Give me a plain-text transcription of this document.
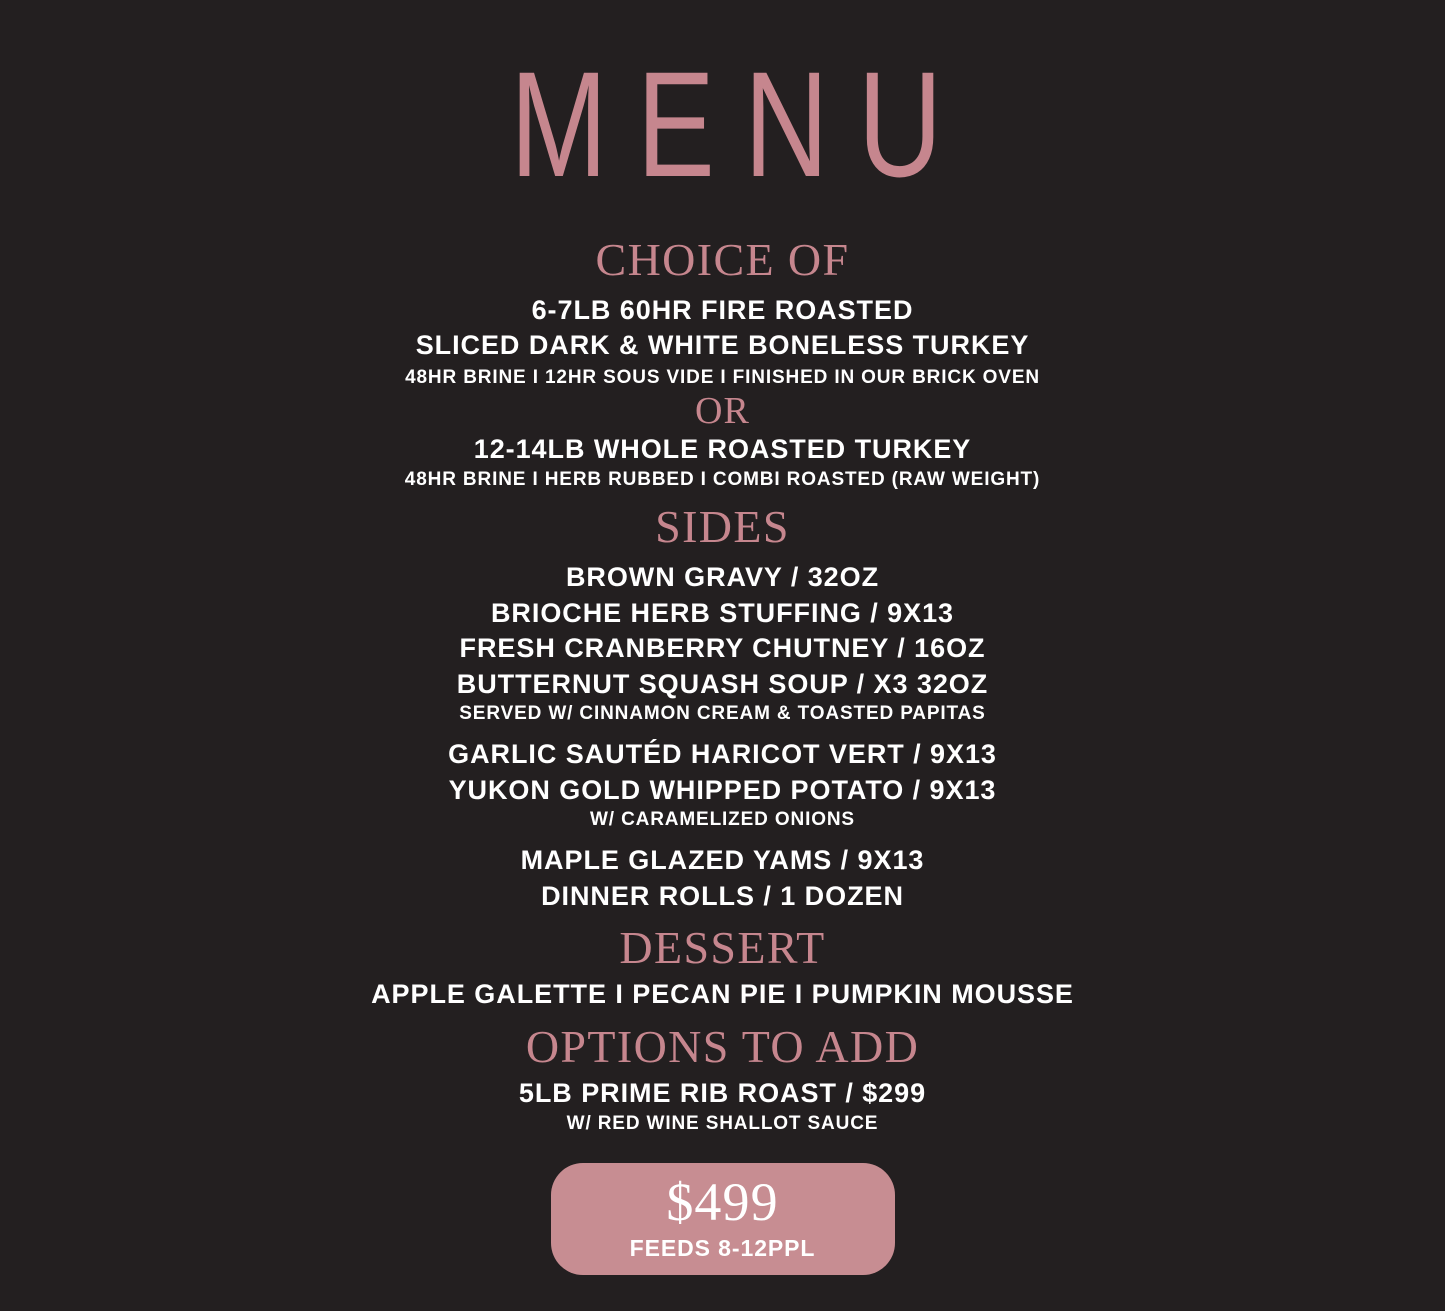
MENU
CHOICE OF
6-7LB 60HR FIRE ROASTED
SLICED DARK & WHITE BONELESS TURKEY
48HR BRINE I 12HR SOUS VIDE I FINISHED IN OUR BRICK OVEN
OR
12-14LB WHOLE ROASTED TURKEY
48HR BRINE I HERB RUBBED I COMBI ROASTED (RAW WEIGHT)
SIDES
BROWN GRAVY / 32OZ
BRIOCHE HERB STUFFING / 9X13
FRESH CRANBERRY CHUTNEY / 16OZ
BUTTERNUT SQUASH SOUP / X3 32OZ
SERVED W/ CINNAMON CREAM & TOASTED PAPITAS
GARLIC SAUTÉD HARICOT VERT / 9X13
YUKON GOLD WHIPPED POTATO / 9X13
W/ CARAMELIZED ONIONS
MAPLE GLAZED YAMS / 9X13
DINNER ROLLS / 1 DOZEN
DESSERT
APPLE GALETTE I PECAN PIE I PUMPKIN MOUSSE
OPTIONS TO ADD
5LB PRIME RIB ROAST / $299
W/ RED WINE SHALLOT SAUCE
$499
FEEDS 8-12PPL
